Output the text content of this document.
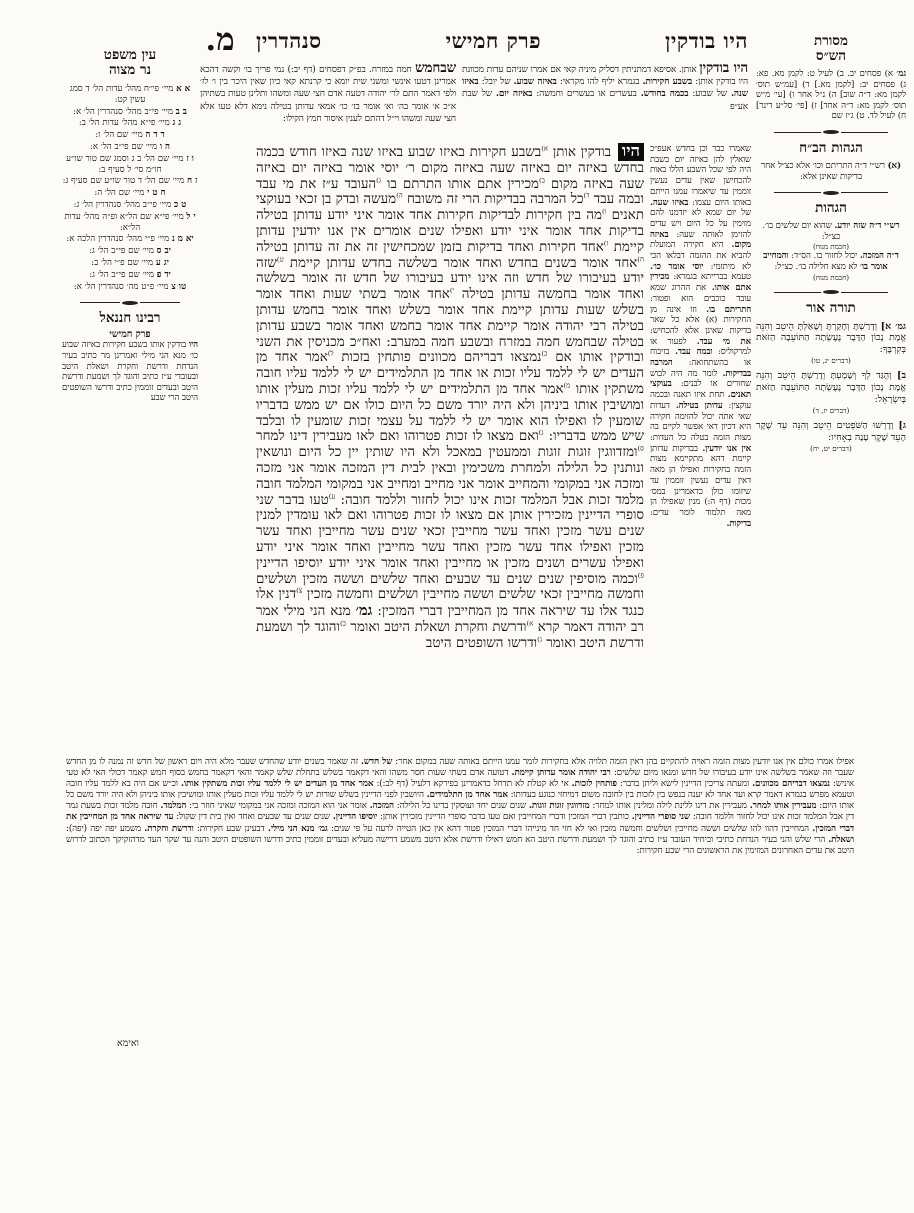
מ.	היו בודקין
פרק חמישי
סנהדרין
עין משפט
נר מצוה
א א מיי׳ פי״ח מהל׳ עדות הל׳ ד סמג עשין קט:
ב ב מיי׳ פי״ב מהל׳ סנהדרין הל׳ א:
ג ג מיי׳ פי״א מהל׳ עדות הל׳ ב:
ד ד ה מיי׳ שם הל׳ ו:
ה ו מיי׳ שם פי״ב הל׳ א:
ו ז מיי׳ שם הל׳ ב ג וסמג שם טור שו״ע חו״מ סי׳ ל סעיף ב:
ז ח מיי׳ שם הל׳ ד טור שו״ע שם סעיף ג:
ח ט י מיי׳ שם הל׳ ה:
ט כ מיי׳ פי״ב מהל׳ סנהדרין הל׳ ג:
י ל מיי׳ פי״א שם הל״א ופ״ה מהל׳ עדות הל״א:
יא מ נ מיי׳ פ״י מהל׳ סנהדרין הלכה א:
יב ס מיי׳ שם פי״ב הל׳ ג:
יג ע מיי׳ שם פ״י הל׳ ב:
יד פ מיי׳ שם פי״ב הל׳ ג:
טו צ מיי׳ פ״ט מה׳ סנהדרין הל׳ א:
רבינו חננאל
פרק חמישי
היו בודקין אותו בשבע חקירות באיזה שבוע כו׳ מנא הני מילי ואמרינן מר כתיב בעיר הנדחת ודרשת וחקרת ושאלת היטב ובעובדי ע״ז כתיב והוגד לך ושמעת ודרשת היטב ובעדים זוממין כתיב ודרשו השופטים היטב הרי שבע
מסורת
הש״ס
גמ׳ א) פסחים יב. ב) לעיל ט: לקמן מא. פא: ג) פסחים יב: [לקמן מא.] ד) [עמ״ש תוס׳ לקמן מא: ד״ה שוב] ה) נ״ל אחר ו) [עי׳ מ״ש תוס׳ לקמן מא: ד״ה אחד] ז) [פי׳ סל״ע דינר] ח) לעיל לד. ט) ג״ז שם
הגהות הב״ח
(א) רש״י ד״ה התריתם וכו׳ אלא כצ״ל אחר בדיקות שאינן אלא:
הגהות
רש״י ד״ה שזה יודע. שהוא יום שלשים בו׳. כצ״ל:
(חכמת מנוח)
ד״ה המזכה. יכול לחזור בו. הס״ד: והמחייב אומר בו׳ לא מצא חלילה בו׳. כצ״ל:
(חכמת מנוח)
תורה אור
גמ׳ א] וְדָרַשְׁתָּ וְחָקַרְתָּ וְשָׁאַלְתָּ הֵיטֵב וְהִנֵּה אֱמֶת נָכוֹן הַדָּבָר נֶעֶשְׂתָה הַתּוֹעֵבָה הַזֹּאת בְּקִרְבֶּךָ:
(דברים יג, טו)
ב] וְהֻגַּד לְךָ וְשָׁמָעְתָּ וְדָרַשְׁתָּ הֵיטֵב וְהִנֵּה אֱמֶת נָכוֹן הַדָּבָר נֶעֶשְׂתָה הַתּוֹעֵבָה הַזֹּאת בְּיִשְׂרָאֵל:
(דברים יז, ד)
ג] וְדָרְשׁוּ הַשֹּׁפְטִים הֵיטֵב וְהִנֵּה עֵד שֶׁקֶר הָעֵד שֶׁקֶר עָנָה בְאָחִיו:
(דברים יט, יח)
שבחמש חמה במזרח. בפ״ק דפסחים (דף יב:) נמי פריך בו׳ וקשה דהכא אמרינן דטעו אינשי ומשני שית יומא כי קרנתא קאי כיון שאין היכר בין ו׳ לז׳ ולפי דאמר התם לר׳ יהודה דטעה אדם חצי שעה ומשהו ותלינן טעות בשתיהן א״כ א׳ אומר בה׳ וא׳ אומר בז׳ כו׳ אמאי עדותן בטילה נימא דלא טעו אלא חצי שעה ומשהו וי״ל דהתם לענין איסור חמץ הקילו:
היו בודקין אותן. אסיפא דמתניתין דסליק מיניה קאי אם אמרו שניהם עדות מכוונת היו בודקין אותן: בשבע חקירות. בגמרא יליף להו מקראי: באיזה שבוע. של יובל: באיזו שנה. של שבוע: בכמה בחודש. בעשרים או בעשרים וחמשה: באיזה יום. של שבת אע״פ
היו בודקין אותן $^{א)}$בשבע חקירות באיזו שבוע באיזו שנה באיזו חודש בכמה בחדש באיזה יום באיזה שעה באיזה מקום ר׳ יוסי אומר באיזה יום באיזה שעה באיזה מקום $^{ב)}$מכירין אתם אותו התרתם בו $^{ג)}$העובד ע״ז את מי עבד ובמה עבד $^{ד)}$כל המרבה בבדיקות הרי זה משובח $^{ה)}$מעשה ובדק בן זכאי בעוקצי תאנים $^{ו)}$מה בין חקירות לבדיקות חקירות אחד אומר איני יודע עדותן בטילה בדיקות אחד אומר איני יודע ואפילו שנים אומרים אין אנו יודעין עדותן קיימת $^{ז)}$אחד חקירות ואחד בדיקות בזמן שמכחישין זה את זה עדותן בטילה $^{ח)}$אחד אומר בשנים בחדש ואחד אומר בשלשה בחדש עדותן קיימת $^{ט)}$שזה יודע בעיבורו של חדש וזה אינו יודע בעיבורו של חדש זה אומר בשלשה ואחד אומר בחמשה עדותן בטילה $^{י)}$אחד אומר בשתי שעות ואחד אומר בשלש שעות עדותן קיימת אחד אומר בשלש ואחד אומר בחמש עדותן בטילה רבי יהודה אומר קיימת אחד אומר בחמש ואחד אומר בשבע עדותן בטילה שבחמש חמה במזרח ובשבע חמה במערב: ואח״כ מכניסין את השני ובודקין אותו אם $^{כ)}$נמצאו דבריהם מכוונים פותחין בזכות $^{ל)}$אמר אחד מן העדים יש לי ללמד עליו זכות או אחד מן התלמידים יש לי ללמד עליו חובה משתקין אותו $^{מ)}$אמר אחד מן התלמידים יש לי ללמד עליו זכות מעלין אותו ומושיבין אותו ביניהן ולא היה יורד משם כל היום כולו אם יש ממש בדבריו שומעין לו ואפילו הוא אומר יש לי ללמד על עצמי זכות שומעין לו ובלבד שיש ממש בדבריו: $^{נ)}$ואם מצאו לו זכות פטרוהו ואם לאו מעבירין דינו למחר $^{ס)}$ומזדווגין זוגות זוגות וממעטין במאכל ולא היו שותין יין כל היום ונושאין ונותנין כל הלילה ולמחרת משכימין ובאין לבית דין המזכה אומר אני מזכה ומזכה אני במקומי והמחייב אומר אני מחייב ומחייב אני במקומי המלמד חובה מלמד זכות אבל המלמד זכות אינו יכול לחזור וללמד חובה: $^{ע)}$טעו בדבר שני סופרי הדיינין מזכירין אותן אם מצאו לו זכות פטרוהו ואם לאו עומדין למנין שנים עשר מזכין ואחד עשר מחייבין זכאי שנים עשר מחייבין ואחד עשר מזכין ואפילו אחד עשר מזכין ואחד עשר מחייבין ואחד אומר איני יודע ואפילו עשרים ושנים מזכין או מחייבין ואחד אומר איני יודע יוסיפו הדיינין $^{פ)}$וכמה מוסיפין שנים שנים עד שבעים ואחד שלשים וששה מזכין ושלשים וחמשה מחייבין זכאי שלשים וששה מחייבין ושלשים וחמשה מזכין $^{צ)}$דנין אלו כנגד אלו עד שיראה אחד מן המחייבין דברי המזכין: גמ׳ מנא הני מילי אמר רב יהודה דאמר קרא $^{א)}$ודרשת וחקרת ושאלת היטב ואומר $^{ב)}$והוגד לך ושמעת ודרשת היטב ואומר $^{ג)}$ודרשו השופטים היטב
שאמרו כבר וכן בחדש אעפ״כ שואלין להן באיזה יום בשבת היה לפי שכל השבע הללו באות להכחישן שאין עדים נעשין זוממין עד שיאמרו עמנו הייתם באותו היום עצמו: באיזו שעה. של יום שמא לא יזדמנו להם מזימין על כל היום ויש עדים להזימן לאותה שעה: באיזה מקום. היא חקירה המועלת להביא את ההזמה דבלאו הכי לא מיתזמי: יוסי אומר כו׳. טעמא בברייתא בגמרא: מכירין אתם אותו. את ההרוג שמא עובד כוכבים הוא ופטור: התריתם בו. וזו אינה מן החקירות (א) אלא כל שאר בדיקות שאינן אלא להכחיש: את מי עבד. לפעור או למרקוליס: ובמה עבד. בזיבוח או בהשתחואה: המרבה בבדיקות. לומר מה היה לבוש שחורים או לבנים: בעוקצי תאנים. תחת איזו תאנה ובכמה עוקצין: עדותן בטילה. דעדות שאי אתה יכול להזימה חקירה היא דכיון דאי אפשר לקיים בה מצות הזמה בטלה כל העדות: אין אנו יודעין. בבדיקות עדותן קיימת דהא מתקיימא מצות הזמה בחקירות ואפילו הן מאה דאין עדים נעשין זוממין עד שיזומו כולן כדאמרינן במס׳ מכות (דף ה:) מנין שאפילו הן מאה תלמוד לומר עדים: בדיקות.
אפילו אמרו כולם אין אנו יודעין מצות הזמה ראויה להתקיים בהן דאין הזמה תלויה אלא בחקירות לומר עמנו הייתם באותה שעה במקום אחר: של חדש. זה שאמר בשנים יודע שהחדש שעבר מלא היה ויום ראשון של חדש זה נמנה לו מן החדש שעבר וזה שאמר בשלשה אינו יודע בעיבורו של חדש ומנאו מיום שלשים: רבי יהודה אומר עדותן קיימת. דטועה אדם בשתי שעות חסר משהו והאי דקאמר בשלש בתחלת שלש קאמר והאי דקאמר בחמש בסוף חמש קאמר דכולי האי לא טעי איניש: נמצאו דבריהם מכוונים. ומעתה צריכין הדיינין לישא וליתן בדבר: פותחין לזכות. אי לא קטלת לא תדחל כדאמרינן בפירקא דלעיל (דף לב:): אמר אחד מן העדים יש לי ללמד עליו זכות משתקין אותו. וכ״ש אם היה בא ללמד עליו חובה וטעמא מפרש בגמרא דאמר קרא ועד אחד לא יענה בנפש בין לזכות בין לחובה משום דמיחזי כנוגע בעדותו: אמר אחד מן התלמידים. היושבין לפני הדיינין בשלש שורות יש לי ללמד עליו זכות מעלין אותו ומושיבין אותו ביניהן ולא היה יורד משם כל אותו היום: מעבירין אותו למחר. מעבירין את דינו ללינת לילה ומלינין אותו למחר: מזדווגין זוגות זוגות. שנים שנים יחד ועוסקין בדינו כל הלילה: המזכה. אומר אני הוא המזכה ומזכה אני במקומי שאיני חוזר בי: המלמד. חובה מלמד זכות בשעת גמר דין אבל המלמד זכות אינו יכול לחזור וללמד חובה: שני סופרי הדיינין. כותבין דברי המזכין ודברי המחייבין ואם טעו בדבר סופרי הדיינין מזכירין אותן: יוסיפו הדיינין. שנים שנים עד שבעים ואחד ואין בית דין שקול: עד שיראה אחד מן המחייבין את דברי המזכין. המחייבין דהוו להו שלשים וששה מחייבין ושלשים וחמשה מזכין ואי לא חזי חד מינייהו דברי המזכין פטור דהא אין כאן הטייה לרעה על פי שנים: גמ׳ מנא הני מילי. דבעינן שבע חקירות: ודרשת וחקרת. משמע יפה יפה (יפה): ושאלת. הרי שלש והני בעיר הנדחת כתיבי וביחיד העובד ע״ז כתיב והוגד לך ושמעת ודרשת היטב הא חמש דאילו ודרשת אלא היטב משמע דרישה מעליא ובעדים זוממין כתיב ודרשו השופטים היטב והנה עד שקר העד מדהזקיקך הכתוב לדרוש היטב את עדים האחרונים המזימין את הראשונים הרי שבע חקירות:
ואימא
